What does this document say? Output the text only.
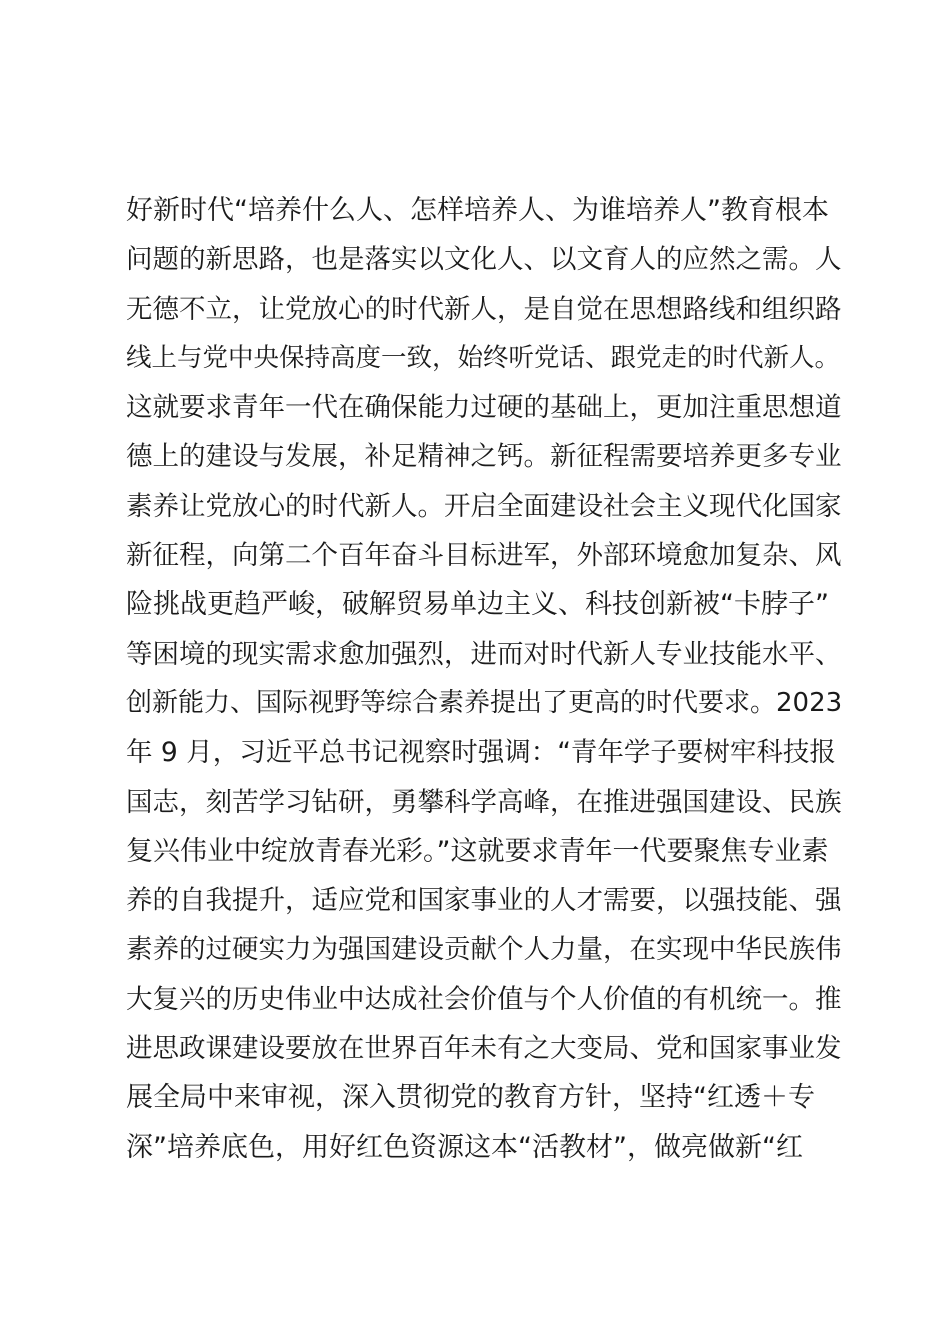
好新时代“培养什么人、怎样培养人、为谁培养人”教育根本
问题的新思路，也是落实以文化人、以文育人的应然之需。人
无德不立，让党放心的时代新人，是自觉在思想路线和组织路
线上与党中央保持高度一致，始终听党话、跟党走的时代新人。
这就要求青年一代在确保能力过硬的基础上，更加注重思想道
德上的建设与发展，补足精神之钙。新征程需要培养更多专业
素养让党放心的时代新人。开启全面建设社会主义现代化国家
新征程，向第二个百年奋斗目标进军，外部环境愈加复杂、风
险挑战更趋严峻，破解贸易单边主义、科技创新被“卡脖子”
等困境的现实需求愈加强烈，进而对时代新人专业技能水平、
创新能力、国际视野等综合素养提出了更高的时代要求。2023
年 9 月，习近平总书记视察时强调：“青年学子要树牢科技报
国志，刻苦学习钻研，勇攀科学高峰，在推进强国建设、民族
复兴伟业中绽放青春光彩。”这就要求青年一代要聚焦专业素
养的自我提升，适应党和国家事业的人才需要，以强技能、强
素养的过硬实力为强国建设贡献个人力量，在实现中华民族伟
大复兴的历史伟业中达成社会价值与个人价值的有机统一。推
进思政课建设要放在世界百年未有之大变局、党和国家事业发
展全局中来审视，深入贯彻党的教育方针，坚持“红透＋专
深”培养底色，用好红色资源这本“活教材”，做亮做新“红
